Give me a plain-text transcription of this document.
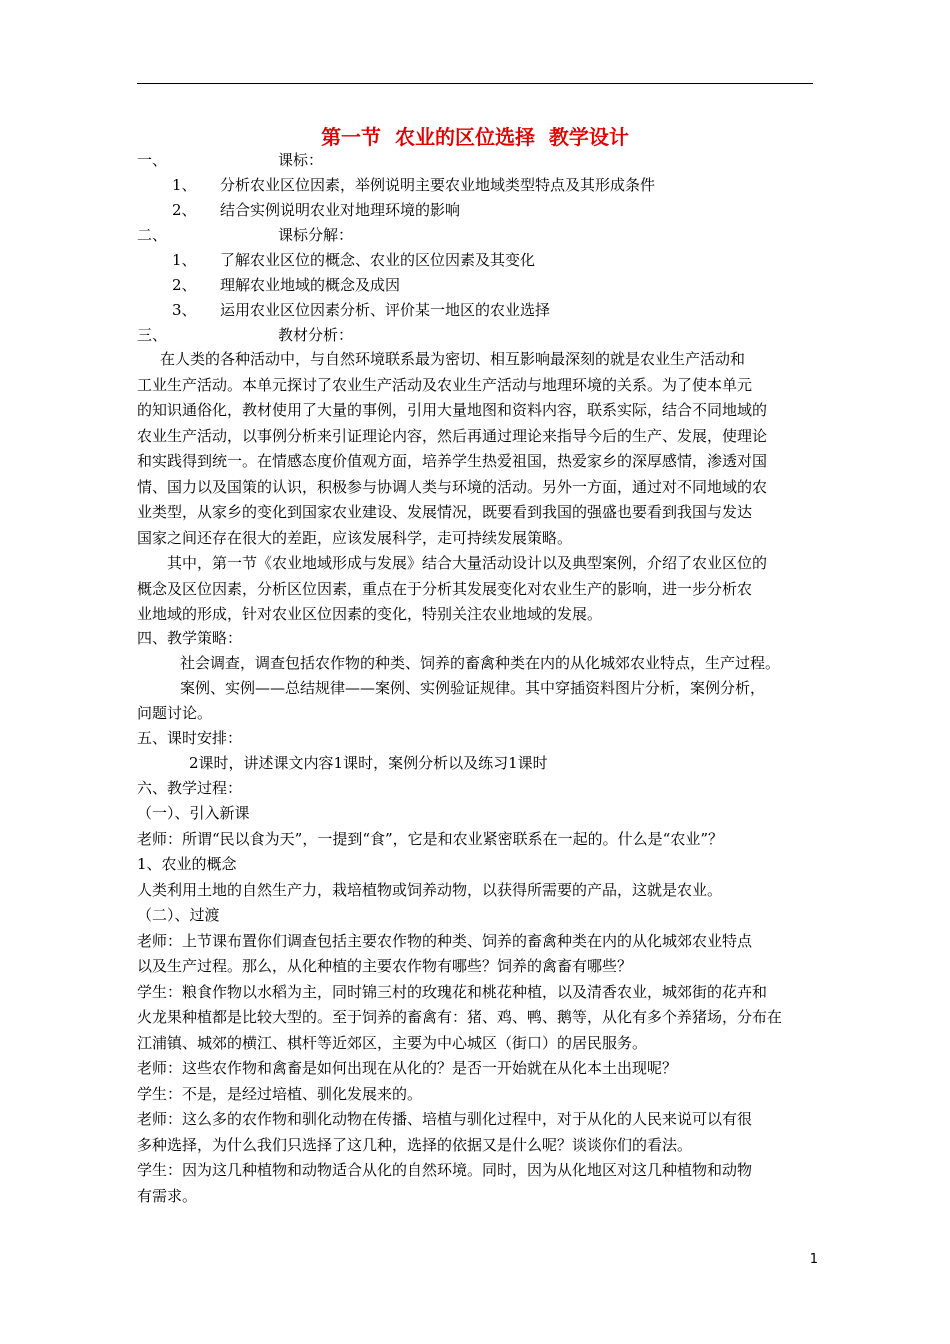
第一节  农业的区位选择  教学设计
一、	课标：
1、 分析农业区位因素，举例说明主要农业地域类型特点及其形成条件
2、 结合实例说明农业对地理环境的影响
二、	课标分解：
1、 了解农业区位的概念、农业的区位因素及其变化
2、 理解农业地域的概念及成因
3、 运用农业区位因素分析、评价某一地区的农业选择
三、	教材分析：
在人类的各种活动中，与自然环境联系最为密切、相互影响最深刻的就是农业生产活动和
工业生产活动。本单元探讨了农业生产活动及农业生产活动与地理环境的关系。为了使本单元
的知识通俗化，教材使用了大量的事例，引用大量地图和资料内容，联系实际，结合不同地域的
农业生产活动，以事例分析来引证理论内容，然后再通过理论来指导今后的生产、发展，使理论
和实践得到统一。在情感态度价值观方面，培养学生热爱祖国，热爱家乡的深厚感情，渗透对国
情、国力以及国策的认识，积极参与协调人类与环境的活动。另外一方面，通过对不同地域的农
业类型，从家乡的变化到国家农业建设、发展情况，既要看到我国的强盛也要看到我国与发达
国家之间还存在很大的差距，应该发展科学，走可持续发展策略。
其中，第一节《农业地域形成与发展》结合大量活动设计以及典型案例，介绍了农业区位的
概念及区位因素，分析区位因素，重点在于分析其发展变化对农业生产的影响，进一步分析农
业地域的形成，针对农业区位因素的变化，特别关注农业地域的发展。
四、教学策略：
社会调查，调查包括农作物的种类、饲养的畜禽种类在内的从化城郊农业特点，生产过程。
案例、实例——总结规律——案例、实例验证规律。其中穿插资料图片分析，案例分析，
问题讨论。
五、课时安排：
2课时，讲述课文内容1课时，案例分析以及练习1课时
六、教学过程：
（一）、引入新课
老师：所谓“民以食为天”，一提到“食”，它是和农业紧密联系在一起的。什么是“农业”？
1、农业的概念
人类利用土地的自然生产力，栽培植物或饲养动物，以获得所需要的产品，这就是农业。
（二）、过渡
老师：上节课布置你们调查包括主要农作物的种类、饲养的畜禽种类在内的从化城郊农业特点
以及生产过程。那么，从化种植的主要农作物有哪些？饲养的禽畜有哪些？
学生：粮食作物以水稻为主，同时锦三村的玫瑰花和桃花种植，以及清香农业，城郊街的花卉和
火龙果种植都是比较大型的。至于饲养的畜禽有：猪、鸡、鸭、鹅等，从化有多个养猪场，分布在
江浦镇、城郊的横江、棋杆等近郊区，主要为中心城区（街口）的居民服务。
老师：这些农作物和禽畜是如何出现在从化的？是否一开始就在从化本土出现呢？
学生：不是，是经过培植、驯化发展来的。
老师：这么多的农作物和驯化动物在传播、培植与驯化过程中，对于从化的人民来说可以有很
多种选择，为什么我们只选择了这几种，选择的依据又是什么呢？谈谈你们的看法。
学生：因为这几种植物和动物适合从化的自然环境。同时，因为从化地区对这几种植物和动物
有需求。
1
